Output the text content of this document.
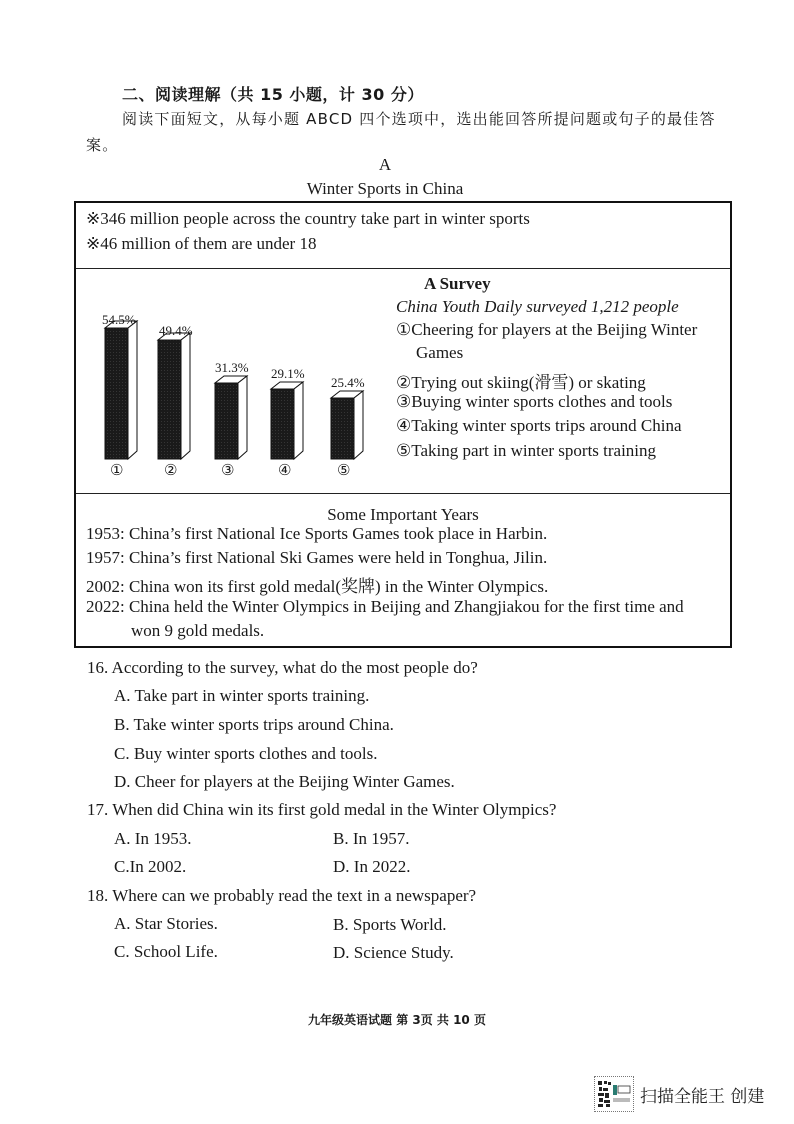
二、阅读理解（共 15 小题，计 30 分）
阅读下面短文，从每小题 ABCD 四个选项中，选出能回答所提问题或句子的最佳答案。
A
Winter Sports in China
※346 million people across the country take part in winter sports
※46 million of them are under 18
54.5%
49.4%
31.3% 29.1%
25.4%
①	②	③	④	⑤
A Survey
China Youth Daily surveyed 1,212 people
①Cheering for players at the Beijing Winter
Games
②Trying out skiing(滑雪) or skating
③Buying winter sports clothes and tools
④Taking winter sports trips around China
⑤Taking part in winter sports training
Some Important Years
1953: China’s first National Ice Sports Games took place in Harbin.
1957: China’s first National Ski Games were held in Tonghua, Jilin.
2002: China won its first gold medal(奖牌) in the Winter Olympics.
2022: China held the Winter Olympics in Beijing and Zhangjiakou for the first time and
won 9 gold medals.
16. According to the survey, what do the most people do?
A. Take part in winter sports training.
B. Take winter sports trips around China.
C. Buy winter sports clothes and tools.
D. Cheer for players at the Beijing Winter Games.
17. When did China win its first gold medal in the Winter Olympics?
A. In 1953.	B. In 1957.
C.In 2002.	D. In 2022.
18. Where can we probably read the text in a newspaper?
A. Star Stories.	B. Sports World.
C. School Life.	D. Science Study.
九年级英语试题 第 3页 共 10 页
扫描全能王 创建
